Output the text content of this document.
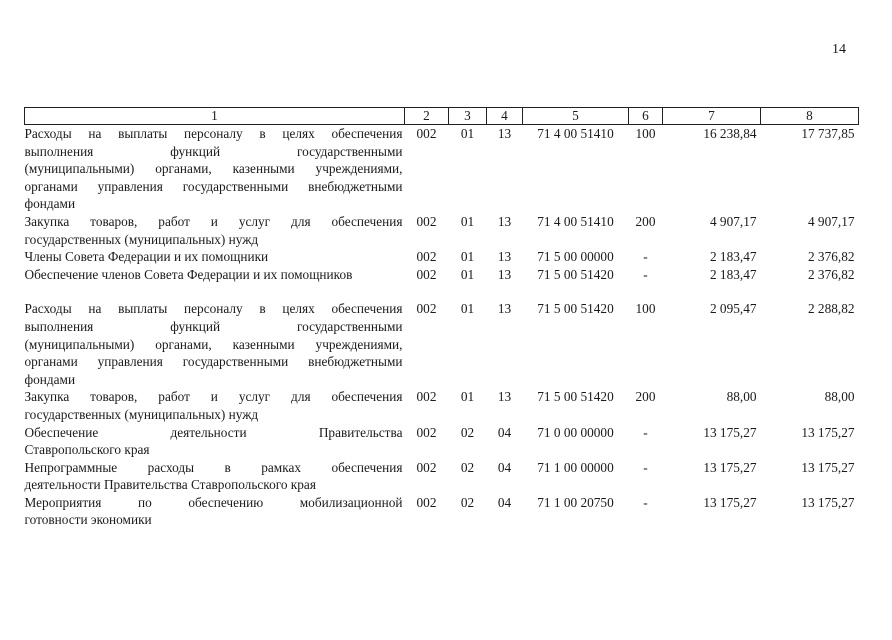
14
1	2	3	4	5	6	7	8

Расходы на выплаты персоналу в целях обеспечения
выполнения функций государственными
(муниципальными) органами, казенными учреждениями,
органами управления государственными внебюджетными
фондами	002	01	13	71 4 00 51410	100	16 238,84	17 737,85

Закупка товаров, работ и услуг для обеспечения
государственных (муниципальных) нужд	002	01	13	71 4 00 51410	200	4 907,17	4 907,17

Члены Совета Федерации и их помощники	002	01	13	71 5 00 00000	-	2 183,47	2 376,82

Обеспечение членов Совета Федерации и их помощников	002	01	13	71 5 00 51420	-	2 183,47	2 376,82

Расходы на выплаты персоналу в целях обеспечения
выполнения функций государственными
(муниципальными) органами, казенными учреждениями,
органами управления государственными внебюджетными
фондами	002	01	13	71 5 00 51420	100	2 095,47	2 288,82

Закупка товаров, работ и услуг для обеспечения
государственных (муниципальных) нужд	002	01	13	71 5 00 51420	200	88,00	88,00

Обеспечение деятельности Правительства
Ставропольского края	002	02	04	71 0 00 00000	-	13 175,27	13 175,27

Непрограммные расходы в рамках обеспечения
деятельности Правительства Ставропольского края	002	02	04	71 1 00 00000	-	13 175,27	13 175,27

Мероприятия по обеспечению мобилизационной
готовности экономики	002	02	04	71 1 00 20750	-	13 175,27	13 175,27
